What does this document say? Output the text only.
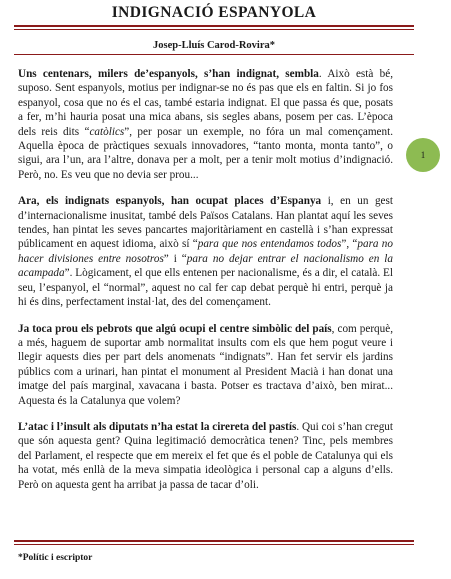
INDIGNACIÓ ESPANYOLA
Josep-Lluís Carod-Rovira*

Uns centenars, milers de’espanyols, s’han indignat, sembla. Això està bé, suposo. Sent espanyols, motius per indignar-se no és pas que els en faltin. Si jo fos espanyol, cosa que no és el cas, també estaria indignat. El que passa és que, posats a fer, m’hi hauria posat una mica abans, sis segles abans, posem per cas. L’època dels reis dits “catòlics”, per posar un exemple, no fóra un mal començament. Aquella època de pràctiques sexuals innovadores, “tanto monta, monta tanto”, o sigui, ara l’un, ara l’altre, donava per a molt, per a tenir molt motius d’indignació. Però, no. Es veu que no devia ser prou...

Ara, els indignats espanyols, han ocupat places d’Espanya i, en un gest d’internacionalisme inusitat, també dels Països Catalans. Han plantat aquí les seves tendes, han pintat les seves pancartes majoritàriament en castellà i s’han expressat públicament en aquest idioma, això sí “para que nos entendamos todos”, “para no hacer divisiones entre nosotros” i “para no dejar entrar el nacionalismo en la acampada”. Lògicament, el que ells entenen per nacionalisme, és a dir, el català. El seu, l’espanyol, el “normal”, aquest no cal fer cap debat perquè hi entri, perquè ja hi és dins, perfectament instal·lat, des del començament.

Ja toca prou els pebrots que algú ocupi el centre simbòlic del país, com perquè, a més, haguem de suportar amb normalitat insults com els que hem pogut veure i llegir aquests dies per part dels anomenats “indignats”. Han fet servir els jardins públics com a urinari, han pintat el monument al President Macià i han donat una imatge del país marginal, xavacana i basta. Potser es tractava d’això, ben mirat... Aquesta és la Catalunya que volem?

L’atac i l’insult als diputats n’ha estat la cirereta del pastís. Qui coi s’han cregut que són aquesta gent? Quina legitimació democràtica tenen? Tinc, pels membres del Parlament, el respecte que em mereix el fet que és el poble de Catalunya qui els ha votat, més enllà de la meva simpatia ideològica i personal cap a alguns d’ells. Però on aquesta gent ha arribat ja passa de tacar d’oli.

1
*Polític i escriptor
